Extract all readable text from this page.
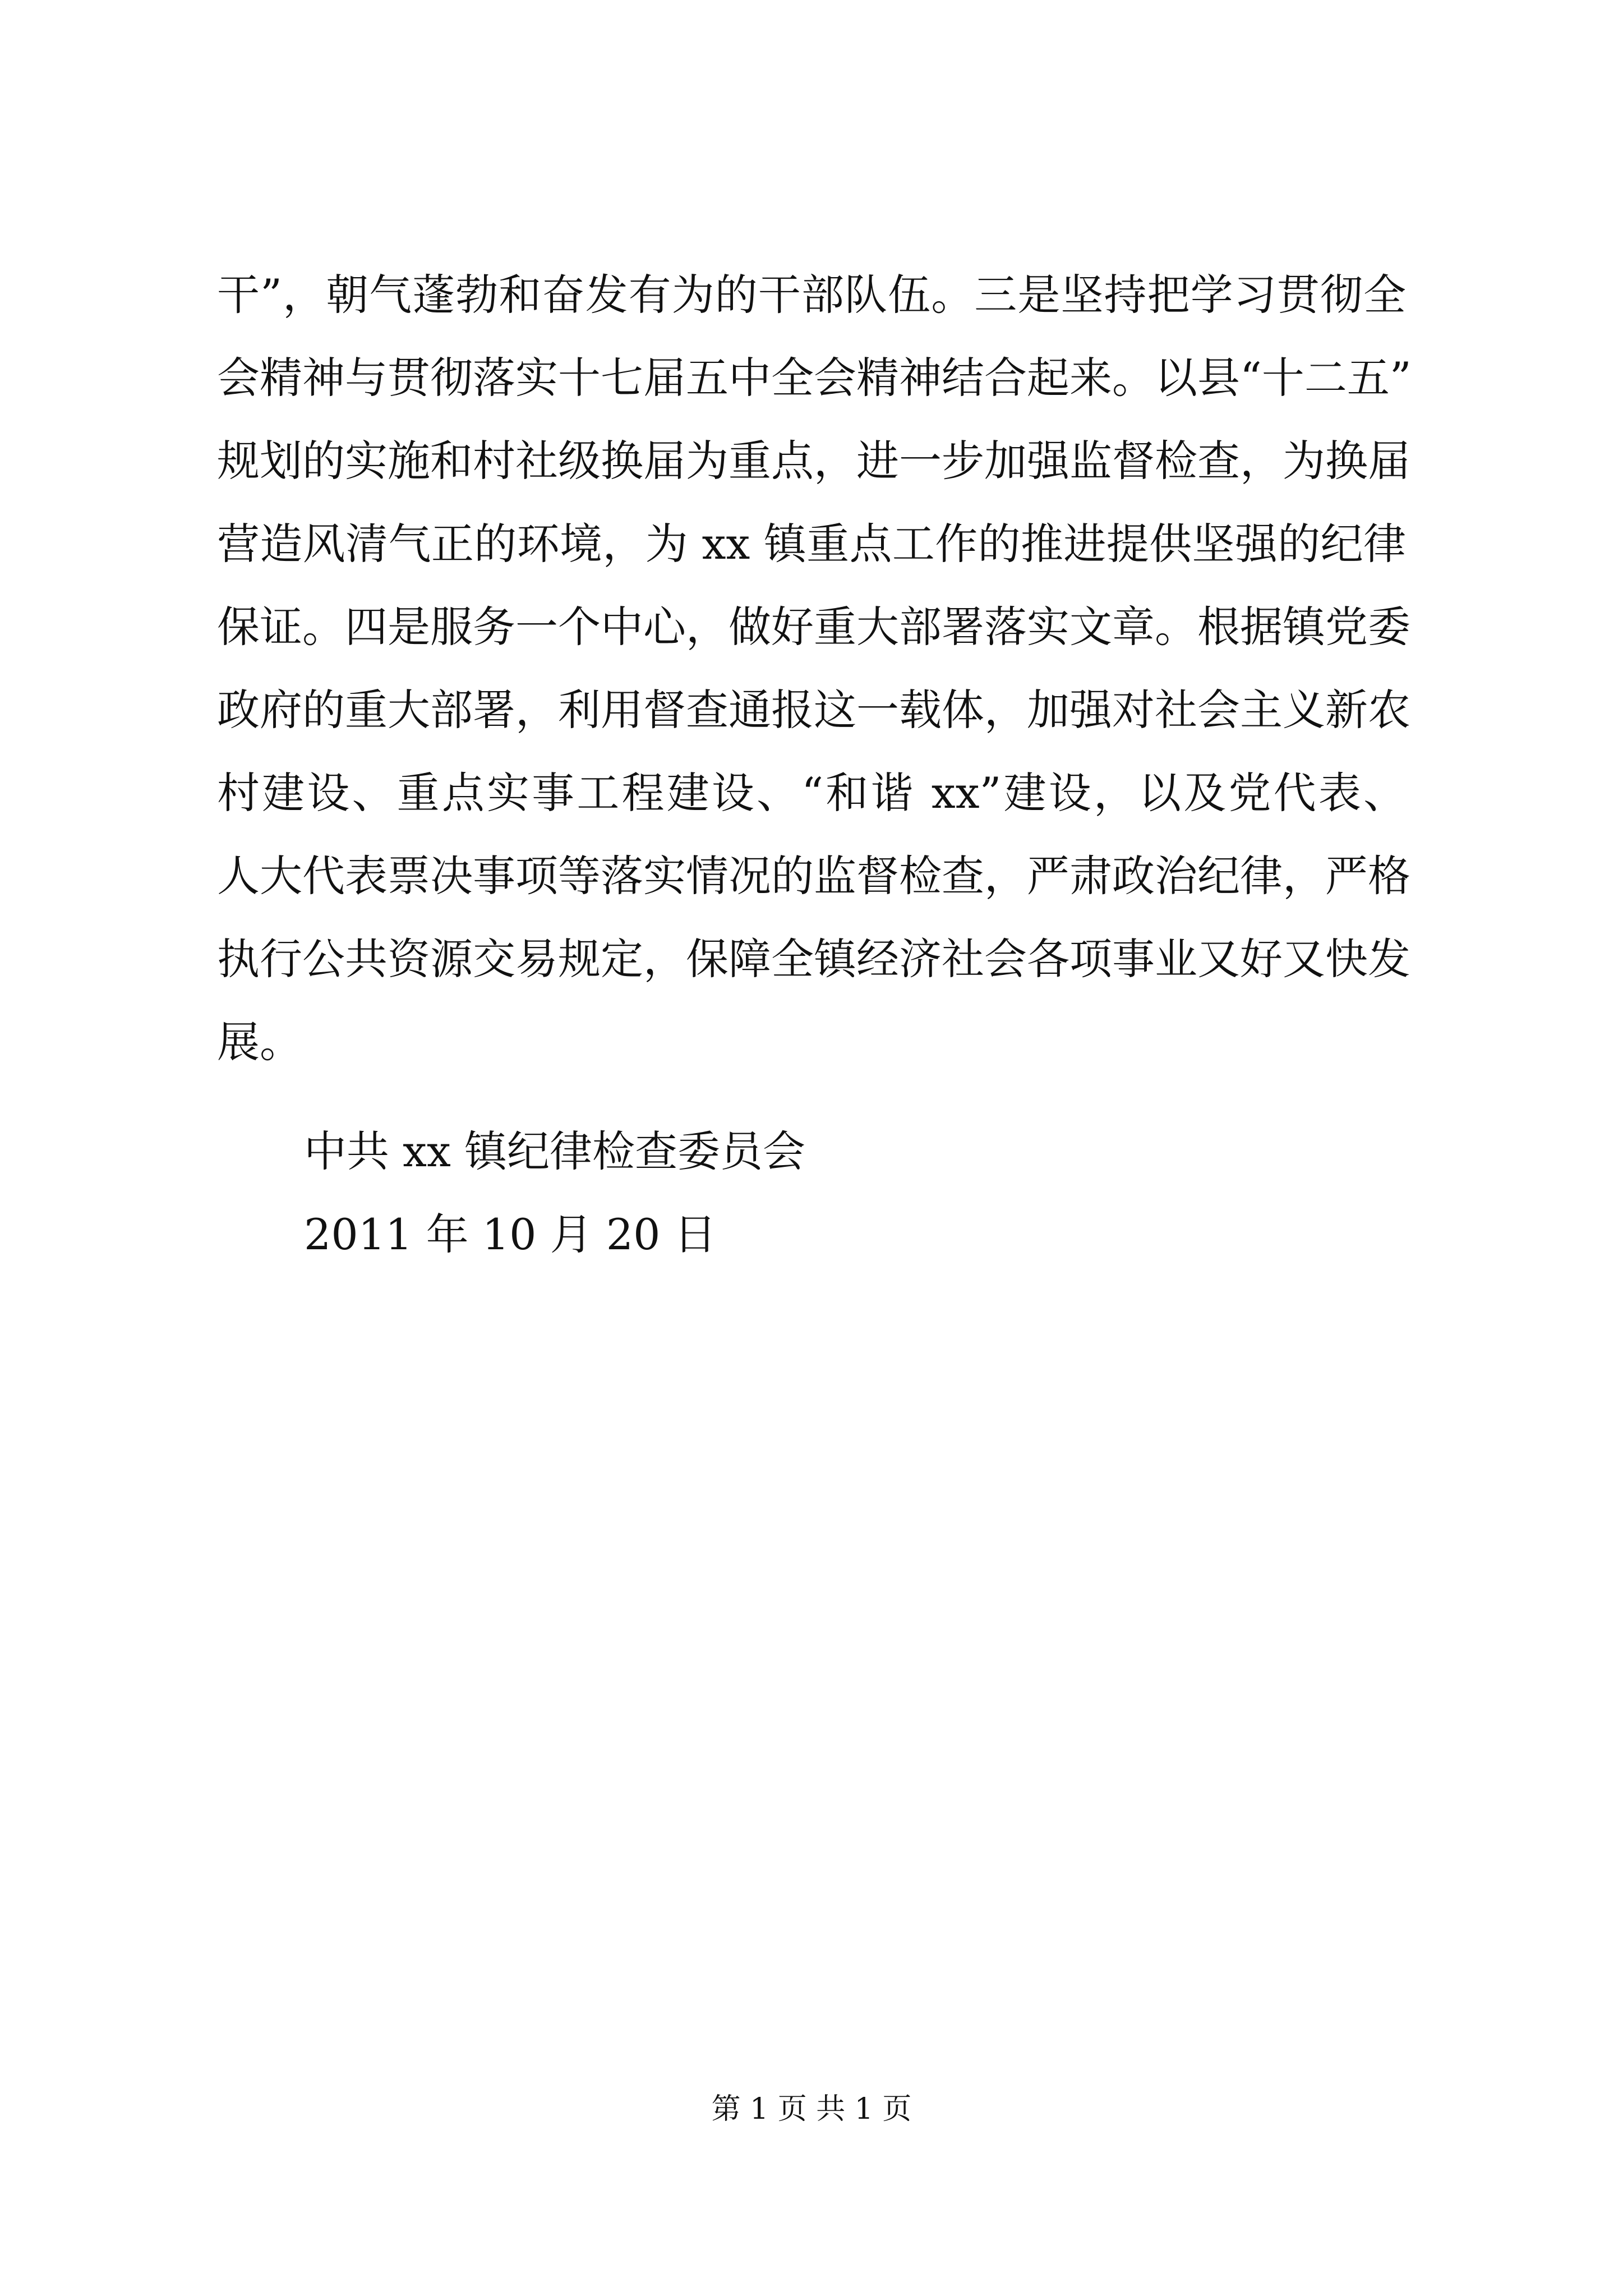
干”，朝气蓬勃和奋发有为的干部队伍。三是坚持把学习贯彻全
会精神与贯彻落实十七届五中全会精神结合起来。以县“十二五”
规划的实施和村社级换届为重点，进一步加强监督检查，为换届
营造风清气正的环境，为 xx 镇重点工作的推进提供坚强的纪律
保证。四是服务一个中心，做好重大部署落实文章。根据镇党委
政府的重大部署，利用督查通报这一载体，加强对社会主义新农
村建设、重点实事工程建设、“和谐 xx”建设，以及党代表、
人大代表票决事项等落实情况的监督检查，严肃政治纪律，严格
执行公共资源交易规定，保障全镇经济社会各项事业又好又快发
展。
中共 xx 镇纪律检查委员会
2011 年 10 月 20 日
第 1 页 共 1 页
